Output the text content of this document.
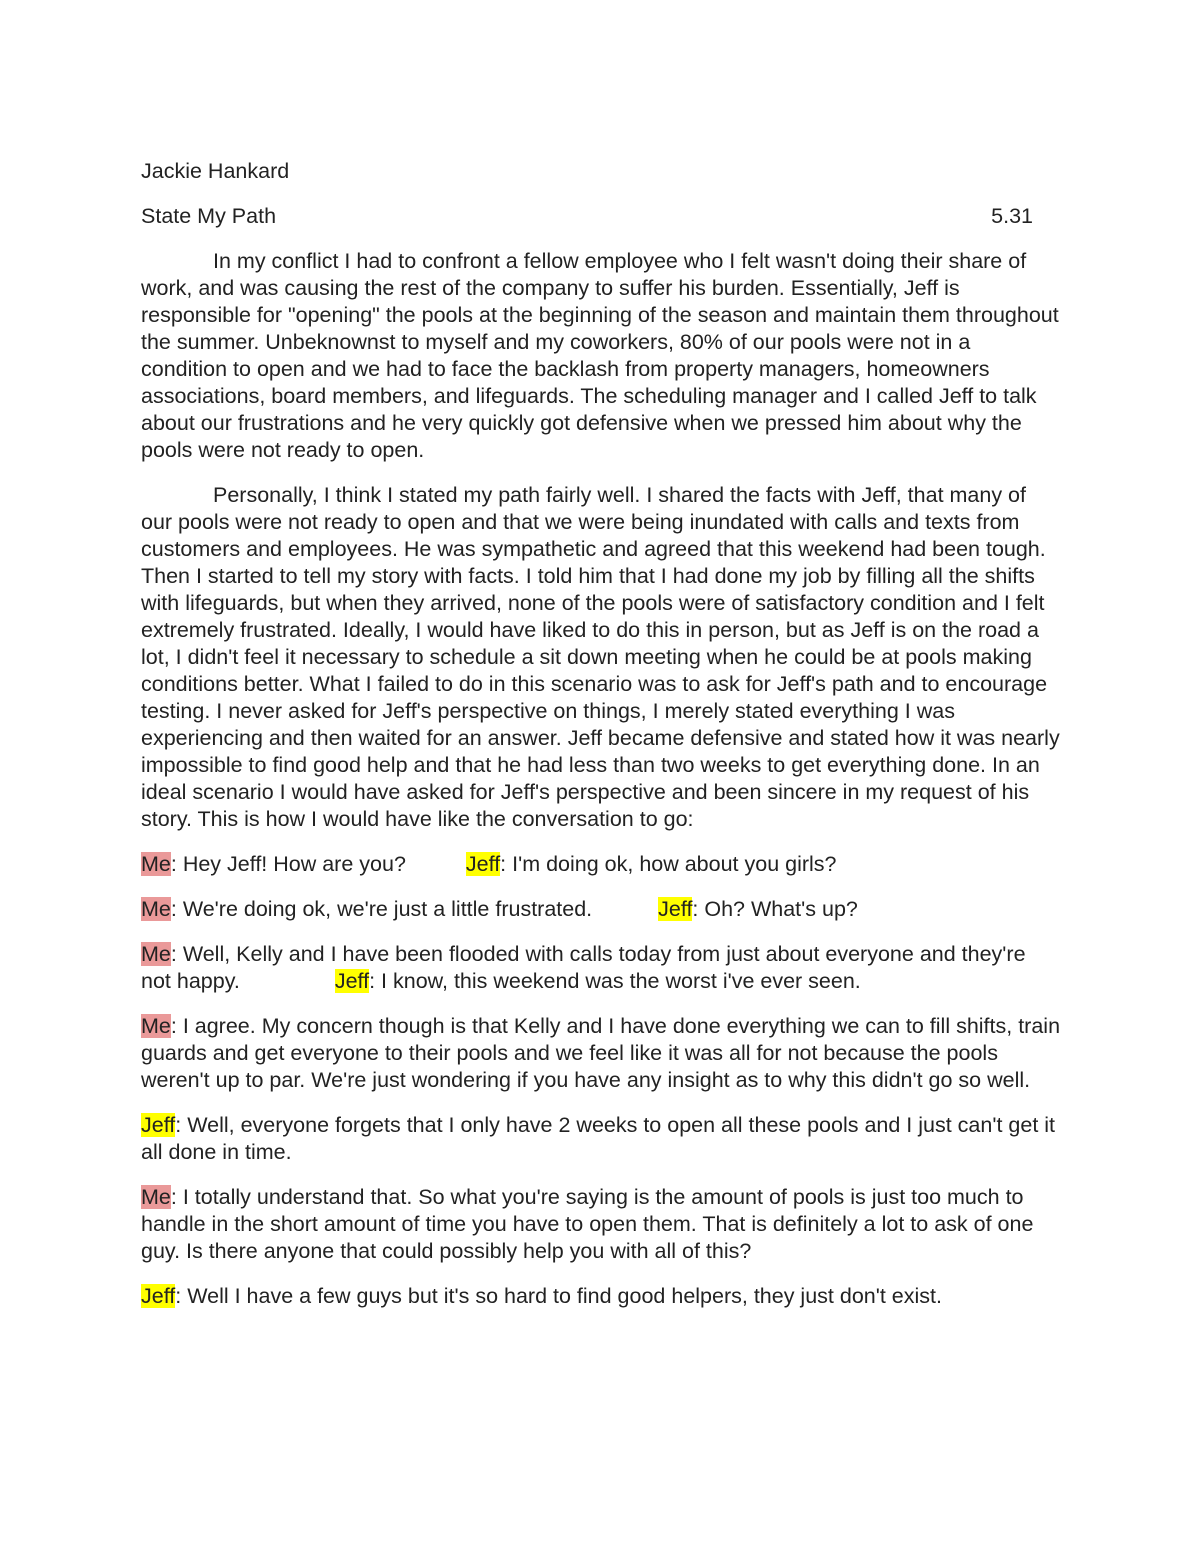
Jackie Hankard
State My Path	5.31
In my conflict I had to confront a fellow employee who I felt wasn't doing their share of work, and was causing the rest of the company to suffer his burden. Essentially, Jeff is responsible for "opening" the pools at the beginning of the season and maintain them throughout the summer. Unbeknownst to myself and my coworkers, 80% of our pools were not in a condition to open and we had to face the backlash from property managers, homeowners associations, board members, and lifeguards. The scheduling manager and I called Jeff to talk about our frustrations and he very quickly got defensive when we pressed him about why the pools were not ready to open.
Personally, I think I stated my path fairly well. I shared the facts with Jeff, that many of our pools were not ready to open and that we were being inundated with calls and texts from customers and employees. He was sympathetic and agreed that this weekend had been tough. Then I started to tell my story with facts. I told him that I had done my job by filling all the shifts with lifeguards, but when they arrived, none of the pools were of satisfactory condition and I felt extremely frustrated. Ideally, I would have liked to do this in person, but as Jeff is on the road a lot, I didn't feel it necessary to schedule a sit down meeting when he could be at pools making conditions better. What I failed to do in this scenario was to ask for Jeff's path and to encourage testing. I never asked for Jeff's perspective on things, I merely stated everything I was experiencing and then waited for an answer. Jeff became defensive and stated how it was nearly impossible to find good help and that he had less than two weeks to get everything done. In an ideal scenario I would have asked for Jeff's perspective and been sincere in my request of his story. This is how I would have like the conversation to go:
Me: Hey Jeff! How are you?	Jeff: I'm doing ok, how about you girls?
Me: We're doing ok, we're just a little frustrated.	Jeff: Oh? What's up?
Me: Well, Kelly and I have been flooded with calls today from just about everyone and they're not happy.	Jeff: I know, this weekend was the worst i've ever seen.
Me: I agree. My concern though is that Kelly and I have done everything we can to fill shifts, train guards and get everyone to their pools and we feel like it was all for not because the pools weren't up to par. We're just wondering if you have any insight as to why this didn't go so well.
Jeff: Well, everyone forgets that I only have 2 weeks to open all these pools and I just can't get it all done in time.
Me: I totally understand that. So what you're saying is the amount of pools is just too much to handle in the short amount of time you have to open them. That is definitely a lot to ask of one guy. Is there anyone that could possibly help you with all of this?
Jeff: Well I have a few guys but it's so hard to find good helpers, they just don't exist.
